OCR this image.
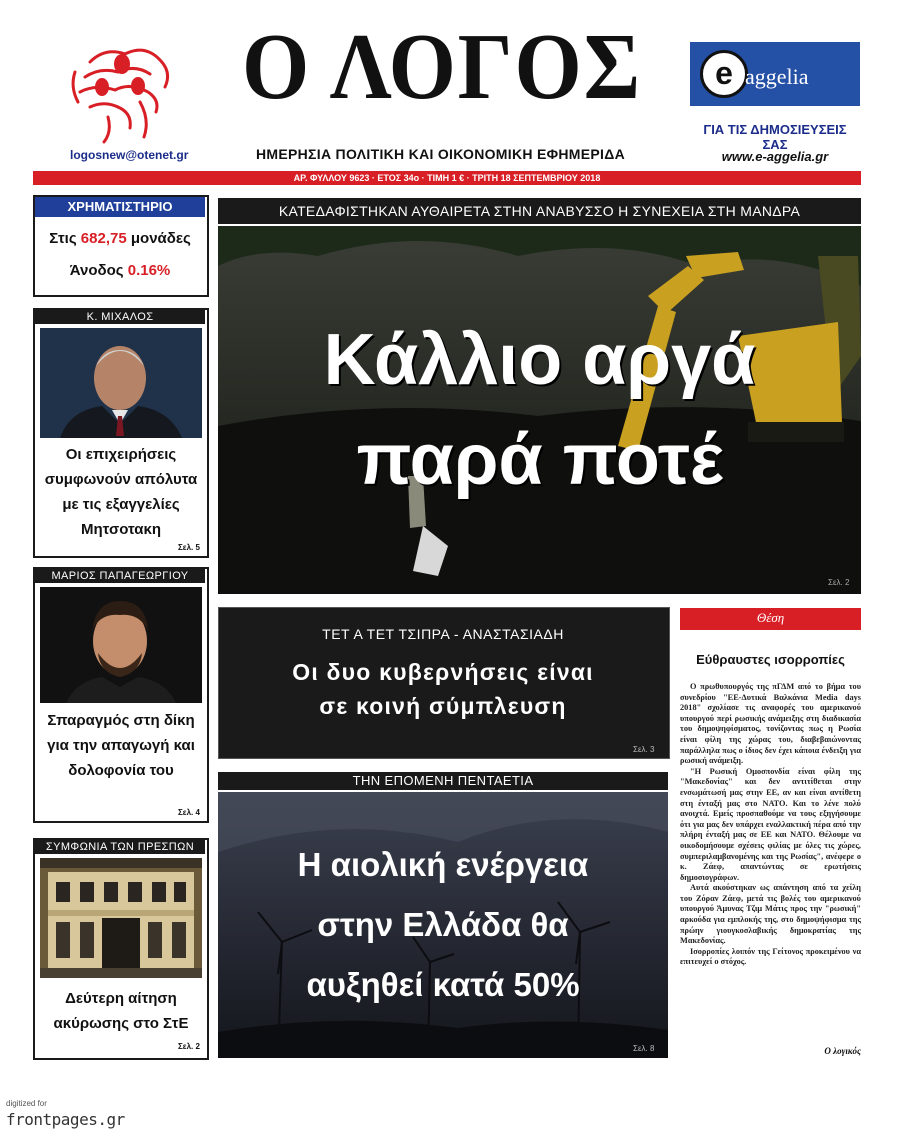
logosnew@otenet.gr
Ο ΛΟΓΟΣ
ΗΜΕΡΗΣΙΑ ΠΟΛΙΤΙΚΗ ΚΑΙ ΟΙΚΟΝΟΜΙΚΗ ΕΦΗΜΕΡΙΔΑ
e aggelia
ΓΙΑ ΤΙΣ ΔΗΜΟΣΙΕΥΣΕΙΣ ΣΑΣ
www.e-aggelia.gr
ΑΡ. ΦΥΛΛΟΥ 9623 · ΕΤΟΣ 34ο · ΤΙΜΗ 1 € · ΤΡΙΤΗ 18 ΣΕΠΤΕΜΒΡΙΟΥ 2018
ΧΡΗΜΑΤΙΣΤΗΡΙΟ
Στις 682,75 μονάδες
Άνοδος 0.16%
Κ. ΜΙΧΑΛΟΣ
Οι επιχειρήσεις συμφωνούν απόλυτα με τις εξαγγελίες Μητσοτακη
Σελ. 5
ΜΑΡΙΟΣ ΠΑΠΑΓΕΩΡΓΙΟΥ
Σπαραγμός στη δίκη για την απαγωγή και δολοφονία του
Σελ. 4
ΣΥΜΦΩΝΙΑ ΤΩΝ ΠΡΕΣΠΩΝ
Δεύτερη αίτηση ακύρωσης στο ΣτΕ
Σελ. 2
ΚΑΤΕΔΑΦΙΣΤΗΚΑΝ ΑΥΘΑΙΡΕΤΑ ΣΤΗΝ ΑΝΑΒΥΣΣΟ Η ΣΥΝΕΧΕΙΑ ΣΤΗ ΜΑΝΔΡΑ
Κάλλιο αργά
παρά ποτέ
Σελ. 2
ΤΕΤ Α ΤΕΤ ΤΣΙΠΡΑ - ΑΝΑΣΤΑΣΙΑΔΗ
Οι δυο κυβερνήσεις είναι
σε κοινή σύμπλευση
Σελ. 3
ΤΗΝ ΕΠΟΜΕΝΗ ΠΕΝΤΑΕΤΙΑ
Η αιολική ενέργεια
στην Ελλάδα θα
αυξηθεί κατά 50%
Σελ. 8
Θέση
Εύθραυστες ισορροπίες

Ο πρωθυπουργός της πΓΔΜ από το βήμα του συνεδρίου "ΕΕ-Δυτικά Βαλκάνια Media days 2018" σχολίασε τις αναφορές του αμερικανού υπουργού περί ρωσικής ανάμειξης στη διαδικασία του δημοψηφίσματος, τονίζοντας πως η Ρωσία είναι φίλη της χώρας του, διαβεβαιώνοντας παράλληλα πως ο ίδιος δεν έχει κάποια ένδειξη για ρωσική ανάμειξη.

"Η Ρωσική Ομοσπονδία είναι φίλη της "Μακεδονίας" και δεν αντιτίθεται στην ενσωμάτωσή μας στην ΕΕ, αν και είναι αντίθετη στη ένταξή μας στο ΝΑΤΟ. Και το λένε πολύ ανοιχτά. Εμείς προσπαθούμε να τους εξηγήσουμε ότι για μας δεν υπάρχει εναλλακτική πέρα από την πλήρη ένταξή μας σε ΕΕ και ΝΑΤΟ. Θέλουμε να οικοδομήσουμε σχέσεις φιλίας με όλες τις χώρες, συμπεριλαμβανομένης και της Ρωσίας", ανέφερε ο κ. Ζάεφ, απαντώντας σε ερωτήσεις δημοσιογράφων.

Αυτά ακούστηκαν ως απάντηση από τα χείλη του Ζόραν Ζάεφ, μετά τις βολές του αμερικανού υπουργού Άμυνας Τζιμ Μάτις προς την "ρωσική" αρκούδα για εμπλοκής της, στο δημοψήφισμα της πρώην γιουγκοσλαβικής δημοκρατίας της Μακεδονίας.

Ισορροπίες λοιπόν της Γείτονος προκειμένου να επιτευχεί ο στόχος.

Ο λογικός
digitized for
frontpages.gr
